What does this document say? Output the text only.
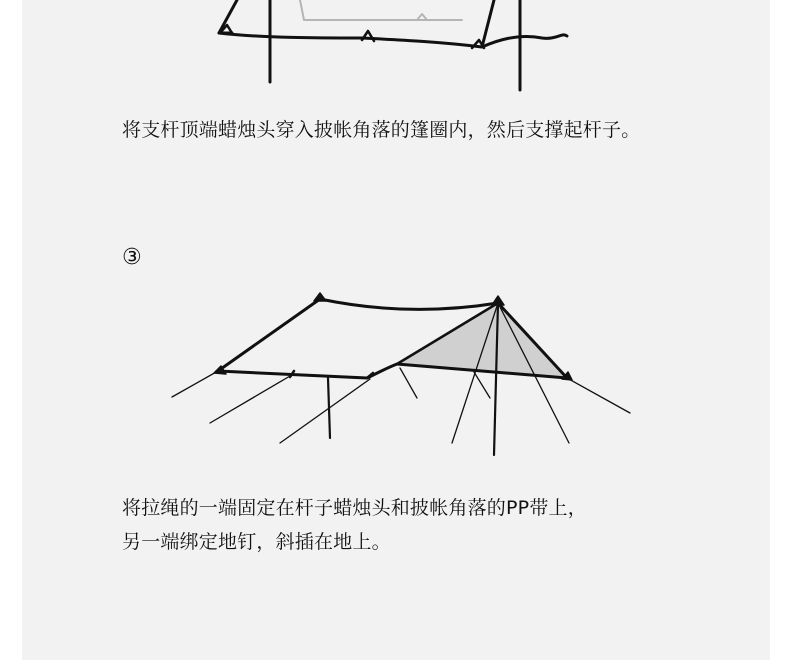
将支杆顶端蜡烛头穿入披帐角落的篷圈内，然后支撑起杆子。

③

将拉绳的一端固定在杆子蜡烛头和披帐角落的PP带上，
另一端绑定地钉，斜插在地上。
